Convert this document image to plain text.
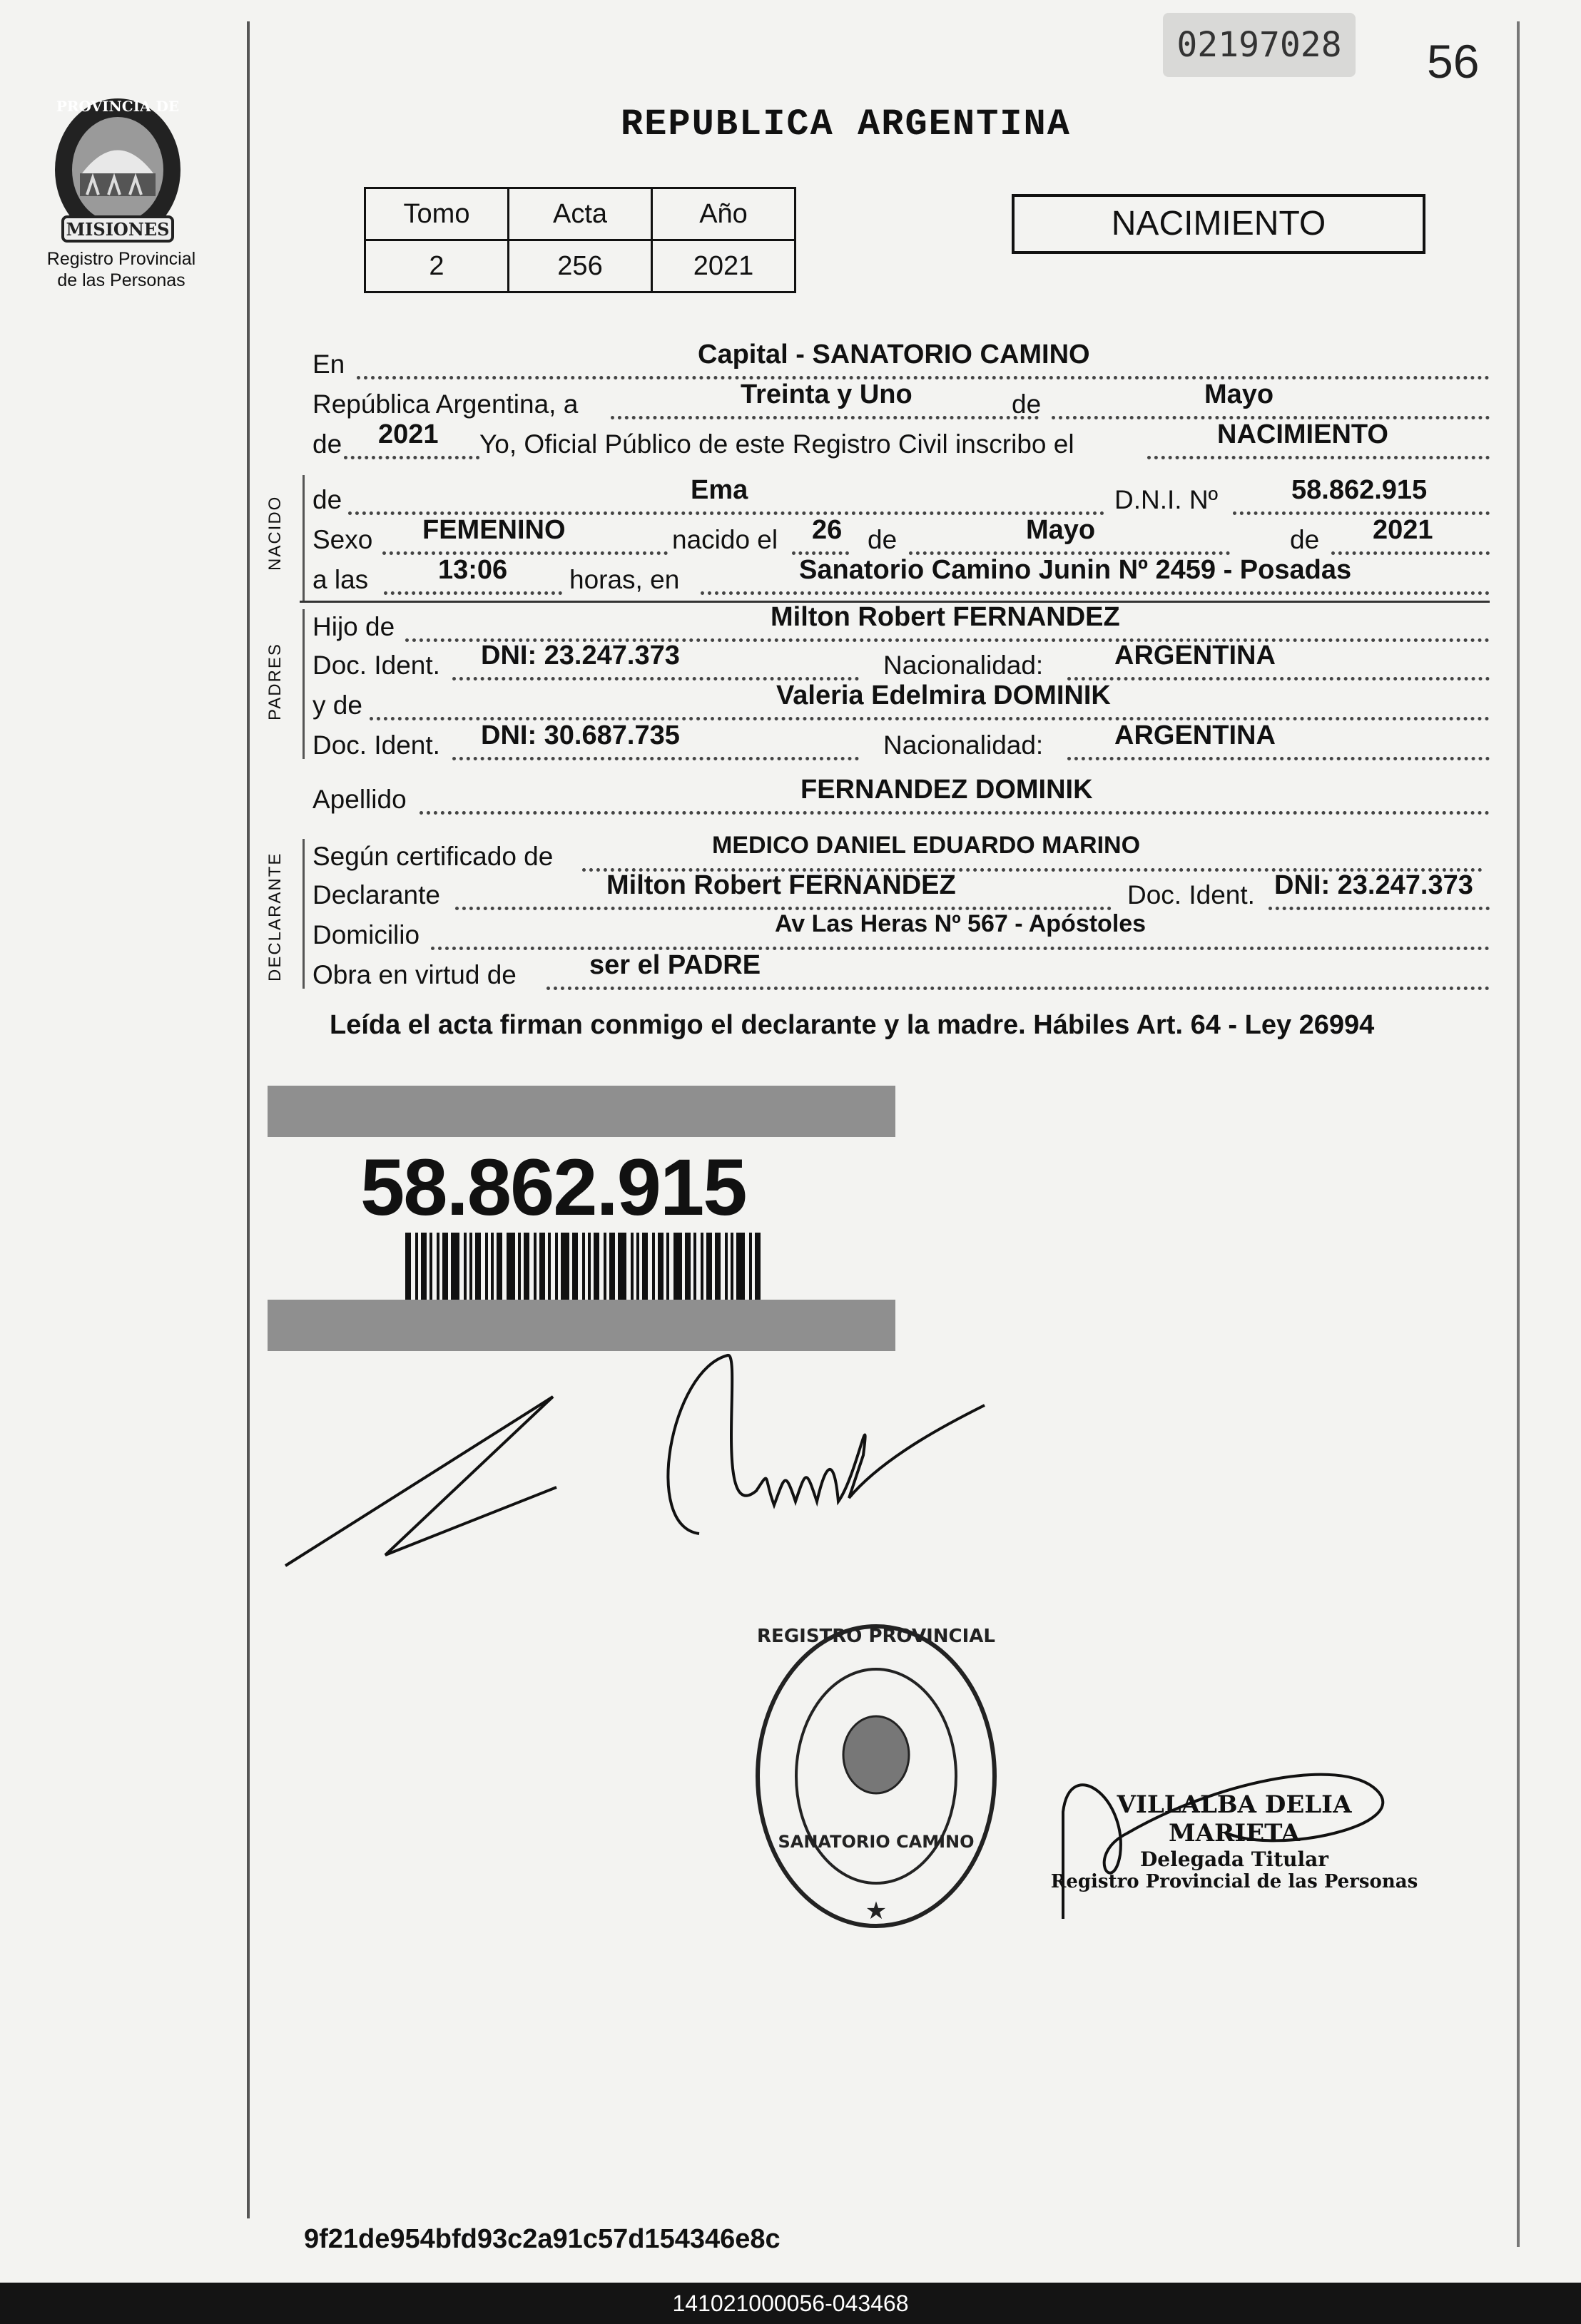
02197028 56
REPUBLICA ARGENTINA
PROVINCIA DE
MISIONES
Registro Provincial
de las Personas
Tomo	Acta	Año
2	256	2021
NACIMIENTO
En	Capital - SANATORIO CAMINO
República Argentina, a	Treinta y Uno	de	Mayo
de 2021 Yo, Oficial Público de este Registro Civil inscribo el	NACIMIENTO
NACIDO de	Ema	D.N.I. Nº	58.862.915
Sexo FEMENINO	nacido el 26 de	Mayo	de 2021
a las	13:06 horas, en	Sanatorio Camino Junin Nº 2459 - Posadas
PADRES
Hijo de	Milton Robert FERNANDEZ
Doc. Ident. DNI: 23.247.373	Nacionalidad:	ARGENTINA
y de	Valeria Edelmira DOMINIK
Doc. Ident. DNI: 30.687.735	Nacionalidad:	ARGENTINA
Apellido	FERNANDEZ DOMINIK
DECLARANTE Según certificado de	MEDICO DANIEL EDUARDO MARINO
Declarante	Milton Robert FERNANDEZ	Doc. Ident. DNI: 23.247.373
Domicilio	Av Las Heras Nº 567 - Apóstoles
Obra en virtud de	ser el PADRE
Leída el acta firman conmigo el declarante y la madre. Hábiles Art. 64 - Ley 26994
58.862.915
REGISTRO PROVINCIAL
SANATORIO CAMINO
★
VILLALBA DELIA MARIETA
Delegada Titular
Registro Provincial de las Personas
9f21de954bfd93c2a91c57d154346e8c
141021000056-043468
